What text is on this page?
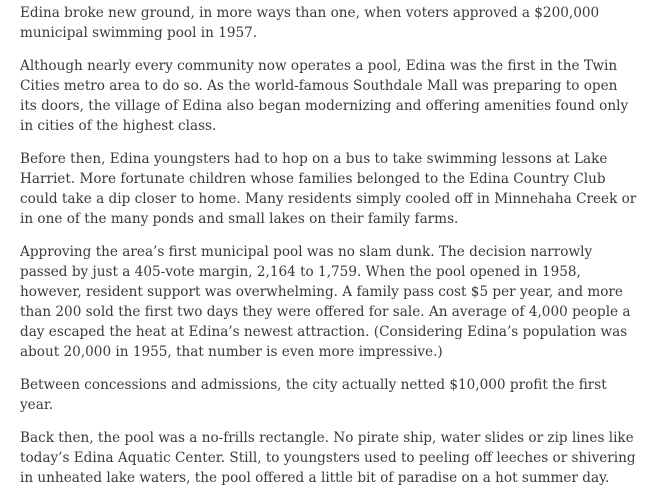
Edina broke new ground, in more ways than one, when voters approved a $200,000 municipal swimming pool in 1957.

Although nearly every community now operates a pool, Edina was the first in the Twin Cities metro area to do so. As the world-famous Southdale Mall was preparing to open its doors, the village of Edina also began modernizing and offering amenities found only in cities of the highest class.

Before then, Edina youngsters had to hop on a bus to take swimming lessons at Lake Harriet. More fortunate children whose families belonged to the Edina Country Club could take a dip closer to home. Many residents simply cooled off in Minnehaha Creek or in one of the many ponds and small lakes on their family farms.

Approving the area’s first municipal pool was no slam dunk. The decision narrowly passed by just a 405-vote margin, 2,164 to 1,759. When the pool opened in 1958, however, resident support was overwhelming. A family pass cost $5 per year, and more than 200 sold the first two days they were offered for sale. An average of 4,000 people a day escaped the heat at Edina’s newest attraction. (Considering Edina’s population was about 20,000 in 1955, that number is even more impressive.)

Between concessions and admissions, the city actually netted $10,000 profit the first year.

Back then, the pool was a no-frills rectangle. No pirate ship, water slides or zip lines like today’s Edina Aquatic Center. Still, to youngsters used to peeling off leeches or shivering in unheated lake waters, the pool offered a little bit of paradise on a hot summer day.
